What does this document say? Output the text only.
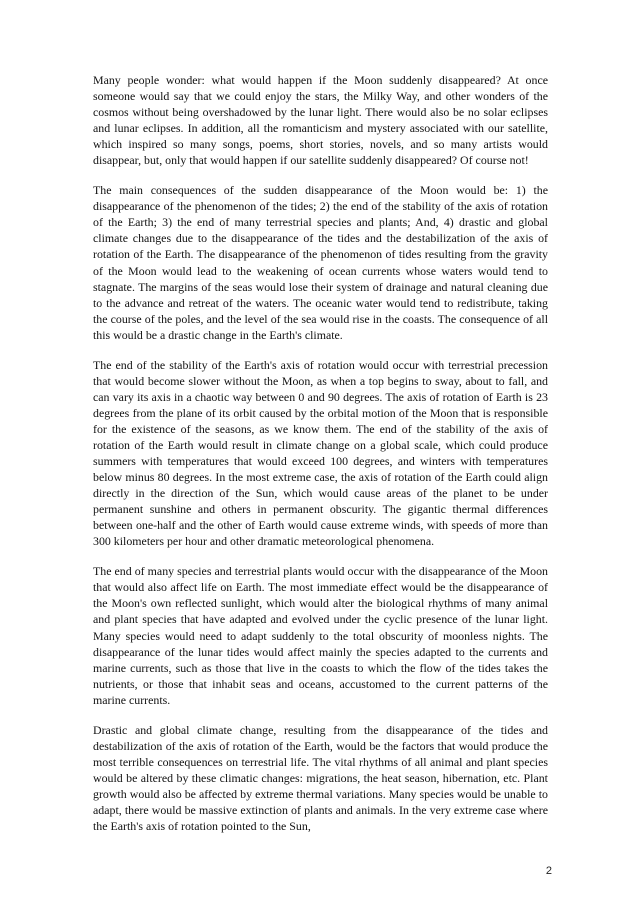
Many people wonder: what would happen if the Moon suddenly disappeared? At once someone would say that we could enjoy the stars, the Milky Way, and other wonders of the cosmos without being overshadowed by the lunar light. There would also be no solar eclipses and lunar eclipses. In addition, all the romanticism and mystery associated with our satellite, which inspired so many songs, poems, short stories, novels, and so many artists would disappear, but, only that would happen if our satellite suddenly disappeared? Of course not!

The main consequences of the sudden disappearance of the Moon would be: 1) the disappearance of the phenomenon of the tides; 2) the end of the stability of the axis of rotation of the Earth; 3) the end of many terrestrial species and plants; And, 4) drastic and global climate changes due to the disappearance of the tides and the destabilization of the axis of rotation of the Earth. The disappearance of the phenomenon of tides resulting from the gravity of the Moon would lead to the weakening of ocean currents whose waters would tend to stagnate. The margins of the seas would lose their system of drainage and natural cleaning due to the advance and retreat of the waters. The oceanic water would tend to redistribute, taking the course of the poles, and the level of the sea would rise in the coasts. The consequence of all this would be a drastic change in the Earth's climate.

The end of the stability of the Earth's axis of rotation would occur with terrestrial precession that would become slower without the Moon, as when a top begins to sway, about to fall, and can vary its axis in a chaotic way between 0 and 90 degrees. The axis of rotation of Earth is 23 degrees from the plane of its orbit caused by the orbital motion of the Moon that is responsible for the existence of the seasons, as we know them. The end of the stability of the axis of rotation of the Earth would result in climate change on a global scale, which could produce summers with temperatures that would exceed 100 degrees, and winters with temperatures below minus 80 degrees. In the most extreme case, the axis of rotation of the Earth could align directly in the direction of the Sun, which would cause areas of the planet to be under permanent sunshine and others in permanent obscurity. The gigantic thermal differences between one-half and the other of Earth would cause extreme winds, with speeds of more than 300 kilometers per hour and other dramatic meteorological phenomena.

The end of many species and terrestrial plants would occur with the disappearance of the Moon that would also affect life on Earth. The most immediate effect would be the disappearance of the Moon's own reflected sunlight, which would alter the biological rhythms of many animal and plant species that have adapted and evolved under the cyclic presence of the lunar light. Many species would need to adapt suddenly to the total obscurity of moonless nights. The disappearance of the lunar tides would affect mainly the species adapted to the currents and marine currents, such as those that live in the coasts to which the flow of the tides takes the nutrients, or those that inhabit seas and oceans, accustomed to the current patterns of the marine currents.

Drastic and global climate change, resulting from the disappearance of the tides and destabilization of the axis of rotation of the Earth, would be the factors that would produce the most terrible consequences on terrestrial life. The vital rhythms of all animal and plant species would be altered by these climatic changes: migrations, the heat season, hibernation, etc. Plant growth would also be affected by extreme thermal variations. Many species would be unable to adapt, there would be massive extinction of plants and animals. In the very extreme case where the Earth's axis of rotation pointed to the Sun,

2
